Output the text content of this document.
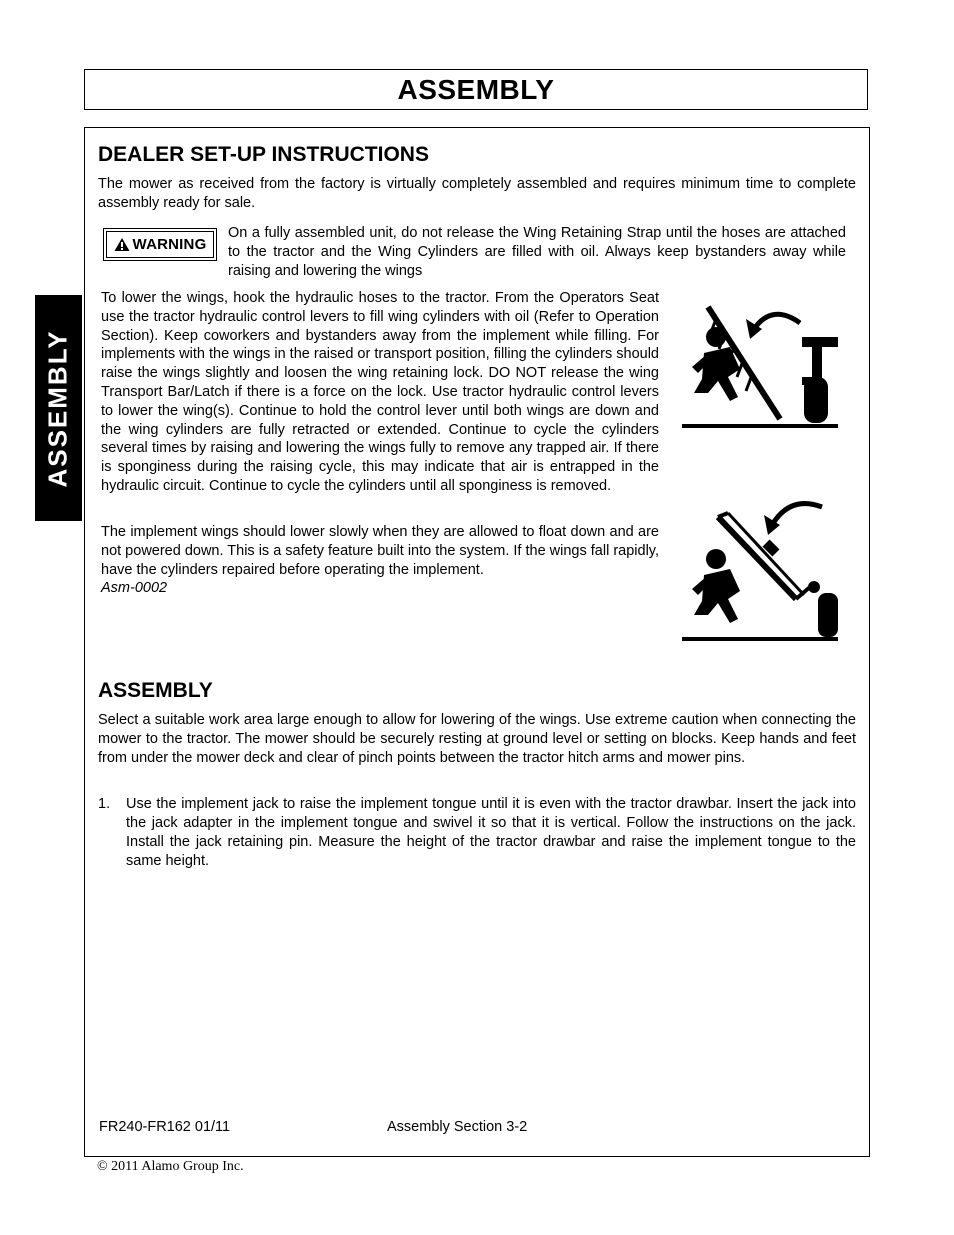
ASSEMBLY
ASSEMBLY
DEALER SET-UP INSTRUCTIONS

The mower as received from the factory is virtually completely assembled and requires minimum time to complete assembly ready for sale.

WARNING

On a fully assembled unit, do not release the Wing Retaining Strap until the hoses are attached to the tractor and the Wing Cylinders are filled with oil. Always keep bystanders away while raising and lowering the wings

To lower the wings, hook the hydraulic hoses to the tractor. From the Operators Seat use the tractor hydraulic control levers to fill wing cylinders with oil (Refer to Operation Section). Keep coworkers and bystanders away from the implement while filling. For implements with the wings in the raised or transport position, filling the cylinders should raise the wings slightly and loosen the wing retaining lock. DO NOT release the wing Transport Bar/Latch if there is a force on the lock. Use tractor hydraulic control levers to lower the wing(s). Continue to hold the control lever until both wings are down and the wing cylinders are fully retracted or extended. Continue to cycle the cylinders several times by raising and lowering the wings fully to remove any trapped air. If there is sponginess during the raising cycle, this may indicate that air is entrapped in the hydraulic circuit. Continue to cycle the cylinders until all sponginess is removed.

The implement wings should lower slowly when they are allowed to float down and are not powered down. This is a safety feature built into the system. If the wings fall rapidly, have the cylinders repaired before operating the implement.
Asm-0002

ASSEMBLY

Select a suitable work area large enough to allow for lowering of the wings. Use extreme caution when connecting the mower to the tractor. The mower should be securely resting at ground level or setting on blocks. Keep hands and feet from under the mower deck and clear of pinch points between the tractor hitch arms and mower pins.

1. Use the implement jack to raise the implement tongue until it is even with the tractor drawbar. Insert the jack into the jack adapter in the implement tongue and swivel it so that it is vertical. Follow the instructions on the jack. Install the jack retaining pin. Measure the height of the tractor drawbar and raise the implement tongue to the same height.

FR240-FR162 01/11	Assembly Section 3-2
© 2011 Alamo Group Inc.
